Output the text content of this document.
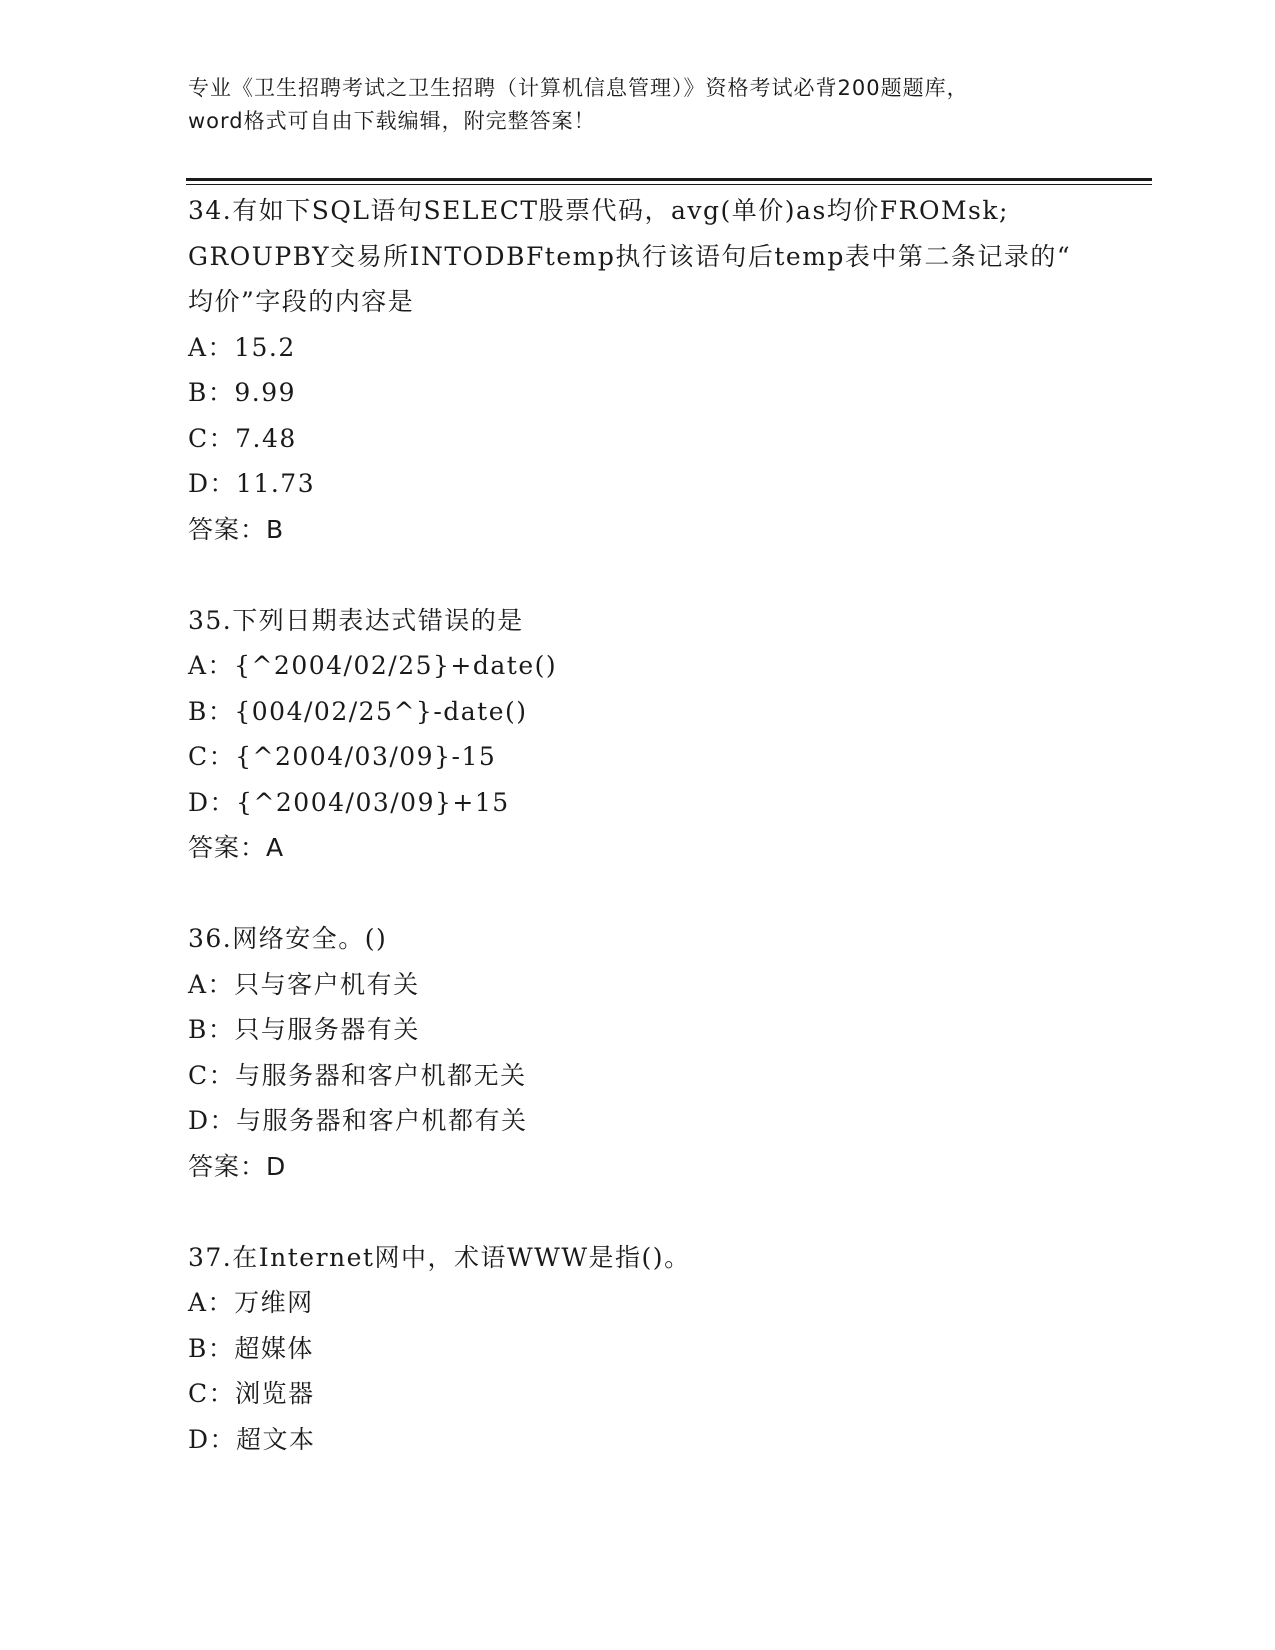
专业《卫生招聘考试之卫生招聘（计算机信息管理）》资格考试必背200题题库，
word格式可自由下载编辑，附完整答案！
34.有如下SQL语句SELECT股票代码，avg(单价)as均价FROMsk;
GROUPBY交易所INTODBFtemp执行该语句后temp表中第二条记录的“
均价”字段的内容是
A：15.2
B：9.99
C：7.48
D：11.73
答案：B
35.下列日期表达式错误的是
A：{^2004/02/25}+date()
B：{004/02/25^}-date()
C：{^2004/03/09}-15
D：{^2004/03/09}+15
答案：A
36.网络安全。()
A：只与客户机有关
B：只与服务器有关
C：与服务器和客户机都无关
D：与服务器和客户机都有关
答案：D
37.在Internet网中，术语WWW是指()。
A：万维网
B：超媒体
C：浏览器
D：超文本
